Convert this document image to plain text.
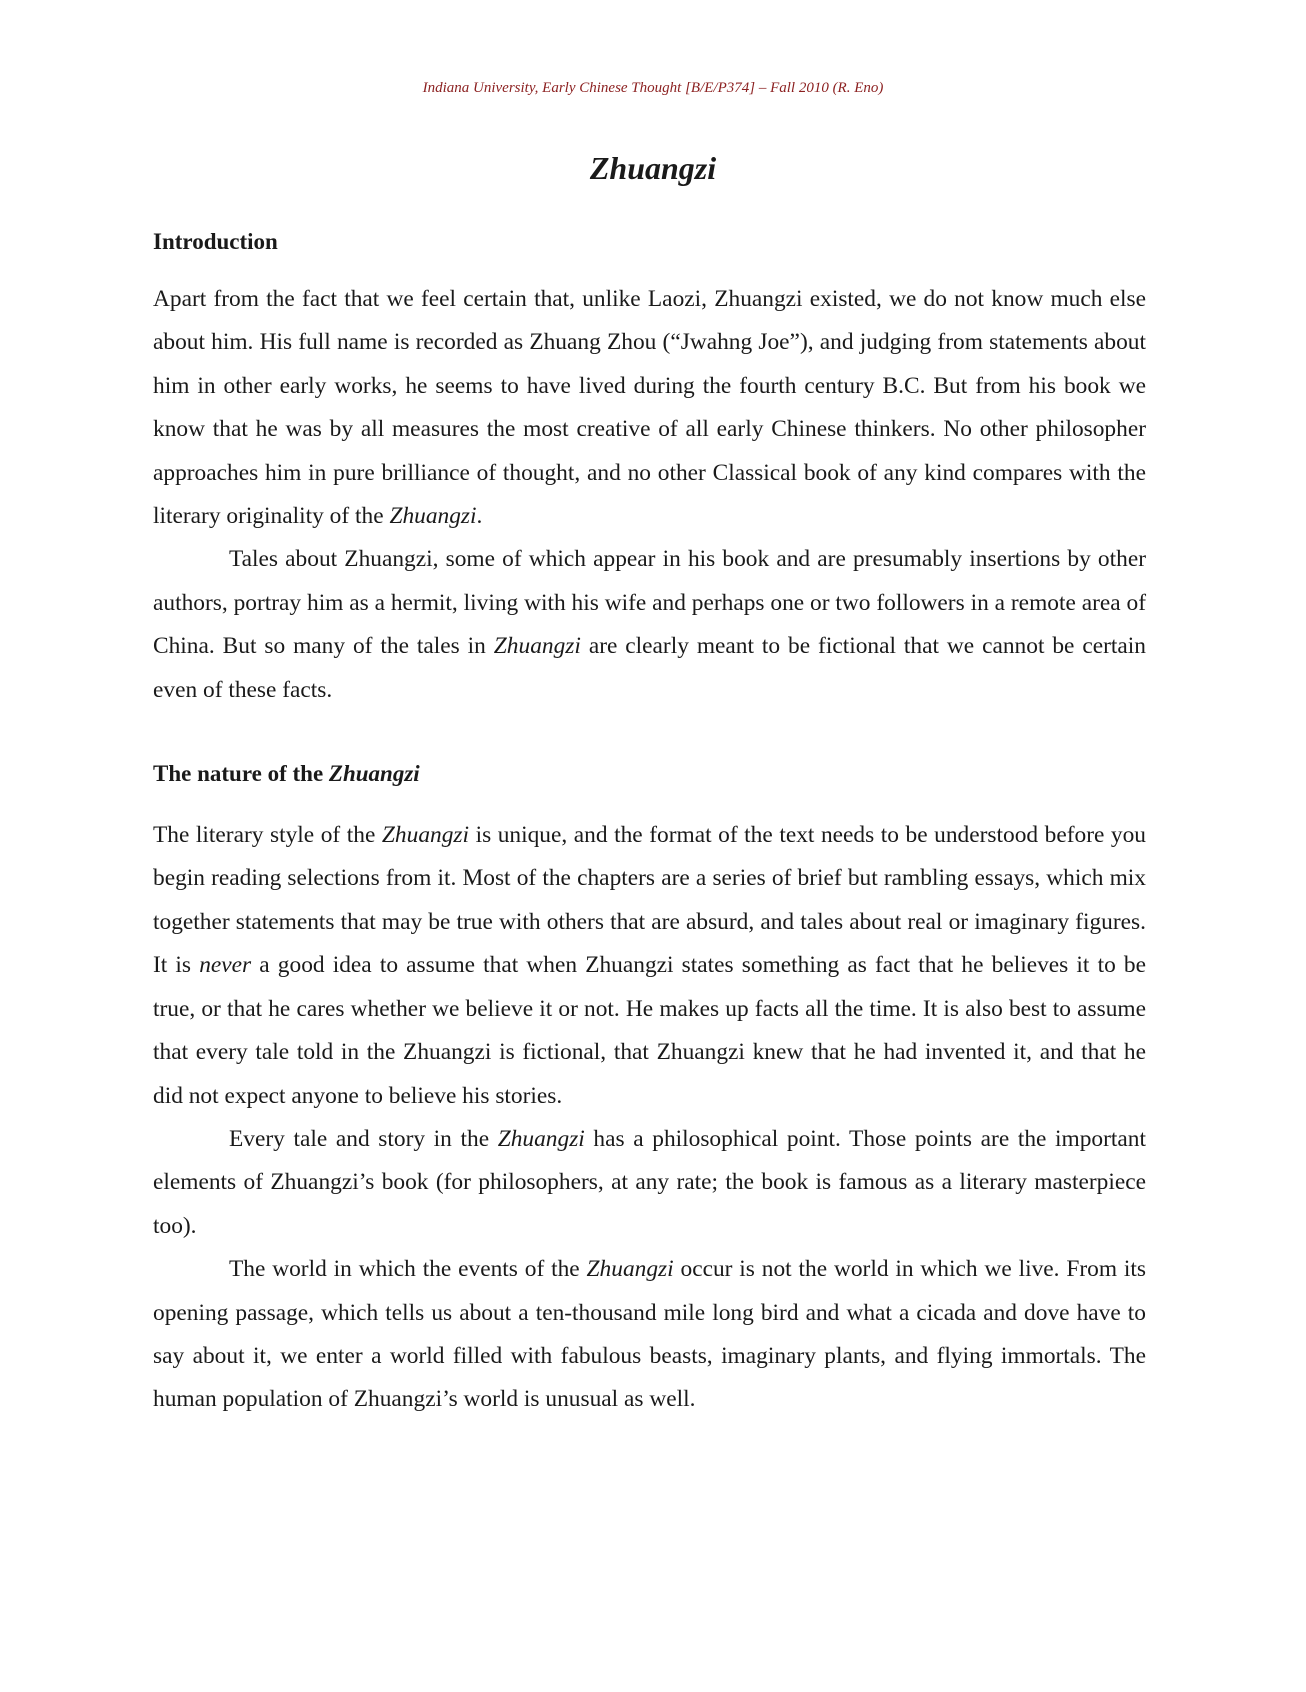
Indiana University, Early Chinese Thought [B/E/P374] – Fall 2010 (R. Eno)
Zhuangzi
Introduction

Apart from the fact that we feel certain that, unlike Laozi, Zhuangzi existed, we do not know much else about him. His full name is recorded as Zhuang Zhou (“Jwahng Joe”), and judging from statements about him in other early works, he seems to have lived during the fourth century B.C. But from his book we know that he was by all measures the most creative of all early Chinese thinkers. No other philosopher approaches him in pure brilliance of thought, and no other Classical book of any kind compares with the literary originality of the Zhuangzi.

Tales about Zhuangzi, some of which appear in his book and are presumably insertions by other authors, portray him as a hermit, living with his wife and perhaps one or two followers in a remote area of China. But so many of the tales in Zhuangzi are clearly meant to be fictional that we cannot be certain even of these facts.

The nature of the Zhuangzi

The literary style of the Zhuangzi is unique, and the format of the text needs to be understood before you begin reading selections from it. Most of the chapters are a series of brief but rambling essays, which mix together statements that may be true with others that are absurd, and tales about real or imaginary figures. It is never a good idea to assume that when Zhuangzi states something as fact that he believes it to be true, or that he cares whether we believe it or not. He makes up facts all the time. It is also best to assume that every tale told in the Zhuangzi is fictional, that Zhuangzi knew that he had invented it, and that he did not expect anyone to believe his stories.

Every tale and story in the Zhuangzi has a philosophical point. Those points are the important elements of Zhuangzi’s book (for philosophers, at any rate; the book is famous as a literary masterpiece too).

The world in which the events of the Zhuangzi occur is not the world in which we live. From its opening passage, which tells us about a ten-thousand mile long bird and what a cicada and dove have to say about it, we enter a world filled with fabulous beasts, imaginary plants, and flying immortals. The human population of Zhuangzi’s world is unusual as well.
